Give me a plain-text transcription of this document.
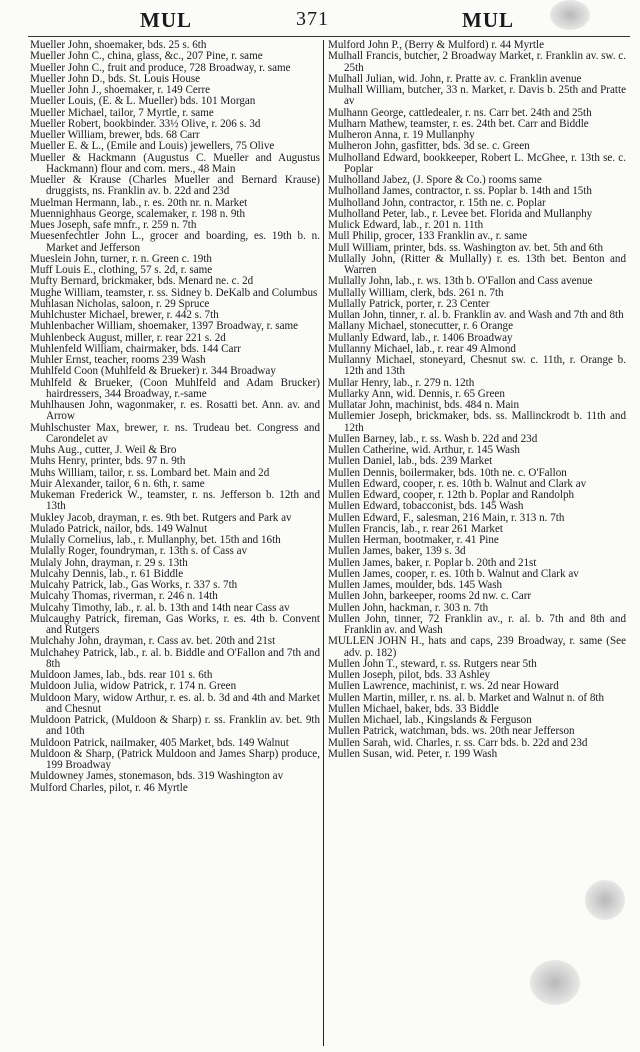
MUL	371	MUL

Mueller John, shoemaker, bds. 25 s. 6th

Mueller John C., china, glass, &c., 207 Pine, r. same

Mueller John C., fruit and produce, 728 Broadway, r. same

Mueller John D., bds. St. Louis House

Mueller John J., shoemaker, r. 149 Cerre

Mueller Louis, (E. & L. Mueller) bds. 101 Morgan

Mueller Michael, tailor, 7 Myrtle, r. same

Mueller Robert, bookbinder. 33½ Olive, r. 206 s. 3d

Mueller William, brewer, bds. 68 Carr

Mueller E. & L., (Emile and Louis) jewellers, 75 Olive

Mueller & Hackmann (Augustus C. Mueller and Augustus Hackmann) flour and com. mers., 48 Main

Mueller & Krause (Charles Mueller and Bernard Krause) druggists, ns. Franklin av. b. 22d and 23d

Muelman Hermann, lab., r. es. 20th nr. n. Market

Muennighhaus George, scalemaker, r. 198 n. 9th

Mues Joseph, safe mnfr., r. 259 n. 7th

Muesenfechtler John L., grocer and boarding, es. 19th b. n. Market and Jefferson

Mueslein John, turner, r. n. Green c. 19th

Muff Louis E., clothing, 57 s. 2d, r. same

Mufty Bernard, brickmaker, bds. Menard ne. c. 2d

Mughe William, teamster, r. ss. Sidney b. DeKalb and Columbus

Muhlasan Nicholas, saloon, r. 29 Spruce

Muhlchuster Michael, brewer, r. 442 s. 7th

Muhlenbacher William, shoemaker, 1397 Broadway, r. same

Muhlenbeck August, miller, r. rear 221 s. 2d

Muhlenfeld William, chairmaker, bds. 144 Carr

Muhler Ernst, teacher, rooms 239 Wash

Muhlfeld Coon (Muhlfeld & Brueker) r. 344 Broadway

Muhlfeld & Brueker, (Coon Muhlfeld and Adam Brucker) hairdressers, 344 Broadway, r.-same

Muhlhausen John, wagonmaker, r. es. Rosatti bet. Ann. av. and Arrow

Muhlschuster Max, brewer, r. ns. Trudeau bet. Congress and Carondelet av

Muhs Aug., cutter, J. Weil & Bro

Muhs Henry, printer, bds. 97 n. 9th

Muhs William, tailor, r. ss. Lombard bet. Main and 2d

Muir Alexander, tailor, 6 n. 6th, r. same

Mukeman Frederick W., teamster, r. ns. Jefferson b. 12th and 13th

Mukley Jacob, drayman, r. es. 9th bet. Rutgers and Park av

Mulado Patrick, nailor, bds. 149 Walnut

Mulally Cornelius, lab., r. Mullanphy, bet. 15th and 16th

Mulally Roger, foundryman, r. 13th s. of Cass av

Mulaly John, drayman, r. 29 s. 13th

Mulcahy Dennis, lab., r. 61 Biddle

Mulcahy Patrick, lab., Gas Works, r. 337 s. 7th

Mulcahy Thomas, riverman, r. 246 n. 14th

Mulcahy Timothy, lab., r. al. b. 13th and 14th near Cass av

Mulcaughy Patrick, fireman, Gas Works, r. es. 4th b. Convent and Rutgers

Mulchahy John, drayman, r. Cass av. bet. 20th and 21st

Mulchahey Patrick, lab., r. al. b. Biddle and O'Fallon and 7th and 8th

Muldoon James, lab., bds. rear 101 s. 6th

Muldoon Julia, widow Patrick, r. 174 n. Green

Muldoon Mary, widow Arthur, r. es. al. b. 3d and 4th and Market and Chesnut

Muldoon Patrick, (Muldoon & Sharp) r. ss. Franklin av. bet. 9th and 10th

Muldoon Patrick, nailmaker, 405 Market, bds. 149 Walnut

Muldoon & Sharp, (Patrick Muldoon and James Sharp) produce, 199 Broadway

Muldowney James, stonemason, bds. 319 Washington av

Mulford Charles, pilot, r. 46 Myrtle

Mulford John P., (Berry & Mulford) r. 44 Myrtle

Mulhall Francis, butcher, 2 Broadway Market, r. Franklin av. sw. c. 25th

Mulhall Julian, wid. John, r. Pratte av. c. Franklin avenue

Mulhall William, butcher, 33 n. Market, r. Davis b. 25th and Pratte av

Mulhann George, cattledealer, r. ns. Carr bet. 24th and 25th

Mulharn Mathew, teamster, r. es. 24th bet. Carr and Biddle

Mulheron Anna, r. 19 Mullanphy

Mulheron John, gasfitter, bds. 3d se. c. Green

Mulholland Edward, bookkeeper, Robert L. McGhee, r. 13th se. c. Poplar

Mulholland Jabez, (J. Spore & Co.) rooms same

Mulholland James, contractor, r. ss. Poplar b. 14th and 15th

Mulholland John, contractor, r. 15th ne. c. Poplar

Mulholland Peter, lab., r. Levee bet. Florida and Mullanphy

Mulick Edward, lab., r. 201 n. 11th

Mull Philip, grocer, 133 Franklin av., r. same

Mull William, printer, bds. ss. Washington av. bet. 5th and 6th

Mullally John, (Ritter & Mullally) r. es. 13th bet. Benton and Warren

Mullally John, lab., r. ws. 13th b. O'Fallon and Cass avenue

Mullally William, clerk, bds. 261 n. 7th

Mullally Patrick, porter, r. 23 Center

Mullan John, tinner, r. al. b. Franklin av. and Wash and 7th and 8th

Mallany Michael, stonecutter, r. 6 Orange

Mullanly Edward, lab., r. 1406 Broadway

Mullanny Michael, lab., r. rear 49 Almond

Mullanny Michael, stoneyard, Chesnut sw. c. 11th, r. Orange b. 12th and 13th

Mullar Henry, lab., r. 279 n. 12th

Mullarky Ann, wid. Dennis, r. 65 Green

Mullatar John, machinist, bds. 484 n. Main

Mullemier Joseph, brickmaker, bds. ss. Mallinckrodt b. 11th and 12th

Mullen Barney, lab., r. ss. Wash b. 22d and 23d

Mullen Catherine, wid. Arthur, r. 145 Wash

Mullen Daniel, lab., bds. 239 Market

Mullen Dennis, boilermaker, bds. 10th ne. c. O'Fallon

Mullen Edward, cooper, r. es. 10th b. Walnut and Clark av

Mullen Edward, cooper, r. 12th b. Poplar and Randolph

Mullen Edward, tobacconist, bds. 145 Wash

Mullen Edward, F., salesman, 216 Main, r. 313 n. 7th

Mullen Francis, lab., r. rear 261 Market

Mullen Herman, bootmaker, r. 41 Pine

Mullen James, baker, 139 s. 3d

Mullen James, baker, r. Poplar b. 20th and 21st

Mullen James, cooper, r. es. 10th b. Walnut and Clark av

Mullen James, moulder, bds. 145 Wash

Mullen John, barkeeper, rooms 2d nw. c. Carr

Mullen John, hackman, r. 303 n. 7th

Mullen John, tinner, 72 Franklin av., r. al. b. 7th and 8th and Franklin av. and Wash

MULLEN JOHN H., hats and caps, 239 Broadway, r. same (See adv. p. 182)

Mullen John T., steward, r. ss. Rutgers near 5th

Mullen Joseph, pilot, bds. 33 Ashley

Mullen Lawrence, machinist, r. ws. 2d near Howard

Mullen Martin, miller, r. ns. al. b. Market and Walnut n. of 8th

Mullen Michael, baker, bds. 33 Biddle

Mullen Michael, lab., Kingslands & Ferguson

Mullen Patrick, watchman, bds. ws. 20th near Jefferson

Mullen Sarah, wid. Charles, r. ss. Carr bds. b. 22d and 23d

Mullen Susan, wid. Peter, r. 199 Wash
